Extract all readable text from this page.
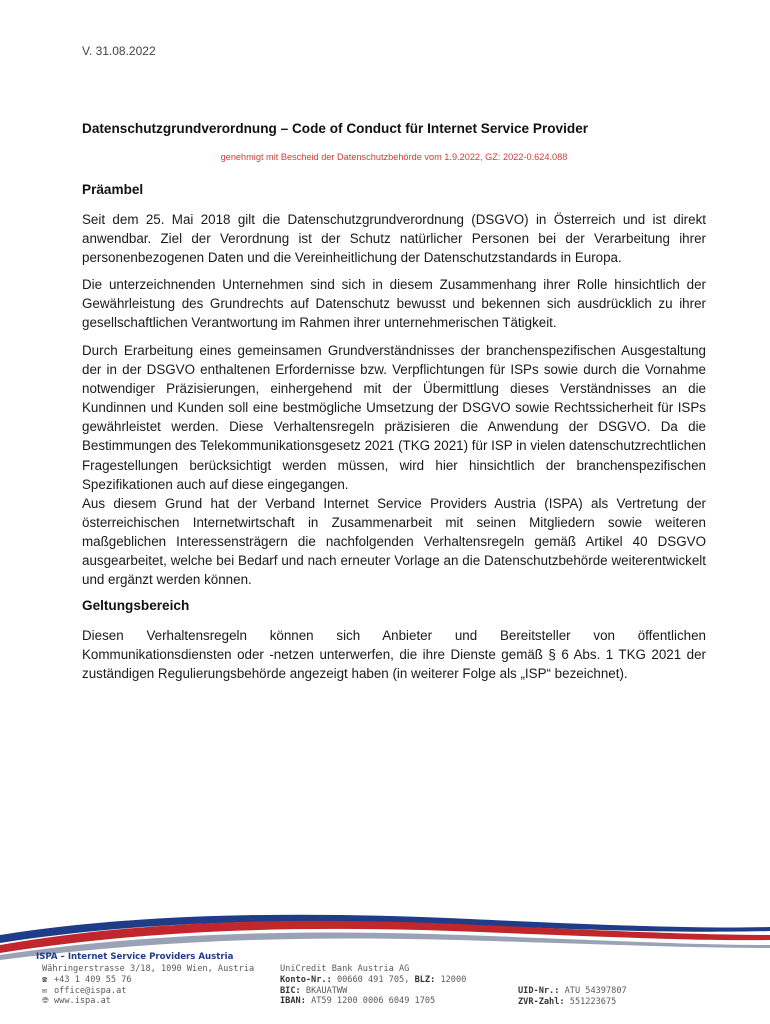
V. 31.08.2022
Datenschutzgrundverordnung – Code of Conduct für Internet Service Provider
genehmigt mit Bescheid der Datenschutzbehörde vom 1.9.2022, GZ: 2022-0.624.088
Präambel
Seit dem 25. Mai 2018 gilt die Datenschutzgrundverordnung (DSGVO) in Österreich und ist direkt anwendbar. Ziel der Verordnung ist der Schutz natürlicher Personen bei der Verarbeitung ihrer personenbezogenen Daten und die Vereinheitlichung der Datenschutzstandards in Europa.
Die unterzeichnenden Unternehmen sind sich in diesem Zusammenhang ihrer Rolle hinsichtlich der Gewährleistung des Grundrechts auf Datenschutz bewusst und bekennen sich ausdrücklich zu ihrer gesellschaftlichen Verantwortung im Rahmen ihrer unternehmerischen Tätigkeit.
Durch Erarbeitung eines gemeinsamen Grundverständnisses der branchenspezifischen Ausgestaltung der in der DSGVO enthaltenen Erfordernisse bzw. Verpflichtungen für ISPs sowie durch die Vornahme notwendiger Präzisierungen, einhergehend mit der Übermittlung dieses Verständnisses an die Kundinnen und Kunden soll eine bestmögliche Umsetzung der DSGVO sowie Rechtssicherheit für ISPs gewährleistet werden. Diese Verhaltensregeln präzisieren die Anwendung der DSGVO. Da die Bestimmungen des Telekommunikationsgesetz 2021 (TKG 2021) für ISP in vielen datenschutzrechtlichen Fragestellungen berücksichtigt werden müssen, wird hier hinsichtlich der branchenspezifischen Spezifikationen auch auf diese eingegangen.
Aus diesem Grund hat der Verband Internet Service Providers Austria (ISPA) als Vertretung der österreichischen Internetwirtschaft in Zusammenarbeit mit seinen Mitgliedern sowie weiteren maßgeblichen Interessensträgern die nachfolgenden Verhaltensregeln gemäß Artikel 40 DSGVO ausgearbeitet, welche bei Bedarf und nach erneuter Vorlage an die Datenschutzbehörde weiterentwickelt und ergänzt werden können.
Geltungsbereich
Diesen Verhaltensregeln können sich Anbieter und Bereitsteller von öffentlichen Kommunikationsdiensten oder -netzen unterwerfen, die ihre Dienste gemäß § 6 Abs. 1 TKG 2021 der zuständigen Regulierungsbehörde angezeigt haben (in weiterer Folge als „ISP“ bezeichnet).
ISPA – Internet Service Providers Austria
Währingerstrasse 3/18, 1090 Wien, Austria
☎ +43 1 409 55 76
✉ office@ispa.at
🌐︎ www.ispa.at
UniCredit Bank Austria AG
Konto-Nr.: 00660 491 705, BLZ: 12000
BIC: BKAUATWW
IBAN: AT59 1200 0006 6049 1705
UID-Nr.: ATU 54397807
ZVR-Zahl: 551223675
